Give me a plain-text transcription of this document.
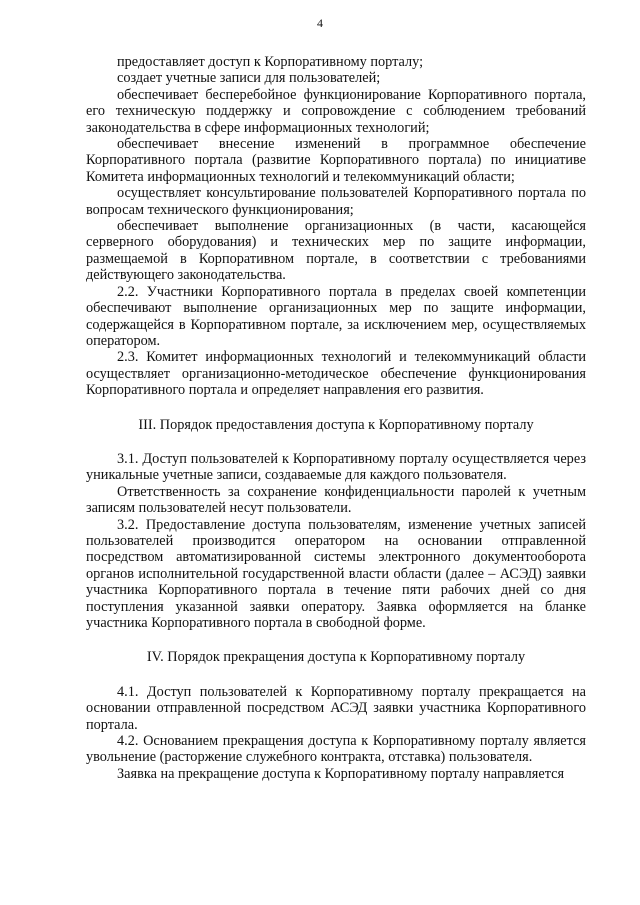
4

предоставляет доступ к Корпоративному порталу;

создает учетные записи для пользователей;

обеспечивает бесперебойное функционирование Корпоративного портала, его техническую поддержку и сопровождение с соблюдением требований законодательства в сфере информационных технологий;

обеспечивает внесение изменений в программное обеспечение Корпоративного портала (развитие Корпоративного портала) по инициативе Комитета информационных технологий и телекоммуникаций области;

осуществляет консультирование пользователей Корпоративного портала по вопросам технического функционирования;

обеспечивает выполнение организационных (в части, касающейся серверного оборудования) и технических мер по защите информации, размещаемой в Корпоративном портале, в соответствии с требованиями действующего законодательства.

2.2. Участники Корпоративного портала в пределах своей компетенции обеспечивают выполнение организационных мер по защите информации, содержащейся в Корпоративном портале, за исключением мер, осуществляемых оператором.

2.3. Комитет информационных технологий и телекоммуникаций области осуществляет организационно-методическое обеспечение функционирования Корпоративного портала и определяет направления его развития.

III. Порядок предоставления доступа к Корпоративному порталу

3.1. Доступ пользователей к Корпоративному порталу осуществляется через уникальные учетные записи, создаваемые для каждого пользователя.

Ответственность за сохранение конфиденциальности паролей к учетным записям пользователей несут пользователи.

3.2. Предоставление доступа пользователям, изменение учетных записей пользователей производится оператором на основании отправленной посредством автоматизированной системы электронного документооборота органов исполнительной государственной власти области (далее – АСЭД) заявки участника Корпоративного портала в течение пяти рабочих дней со дня поступления указанной заявки оператору. Заявка оформляется на бланке участника Корпоративного портала в свободной форме.

IV. Порядок прекращения доступа к Корпоративному порталу

4.1. Доступ пользователей к Корпоративному порталу прекращается на основании отправленной посредством АСЭД заявки участника Корпоративного портала.

4.2. Основанием прекращения доступа к Корпоративному порталу является увольнение (расторжение служебного контракта, отставка) пользователя.

Заявка на прекращение доступа к Корпоративному порталу направляется
